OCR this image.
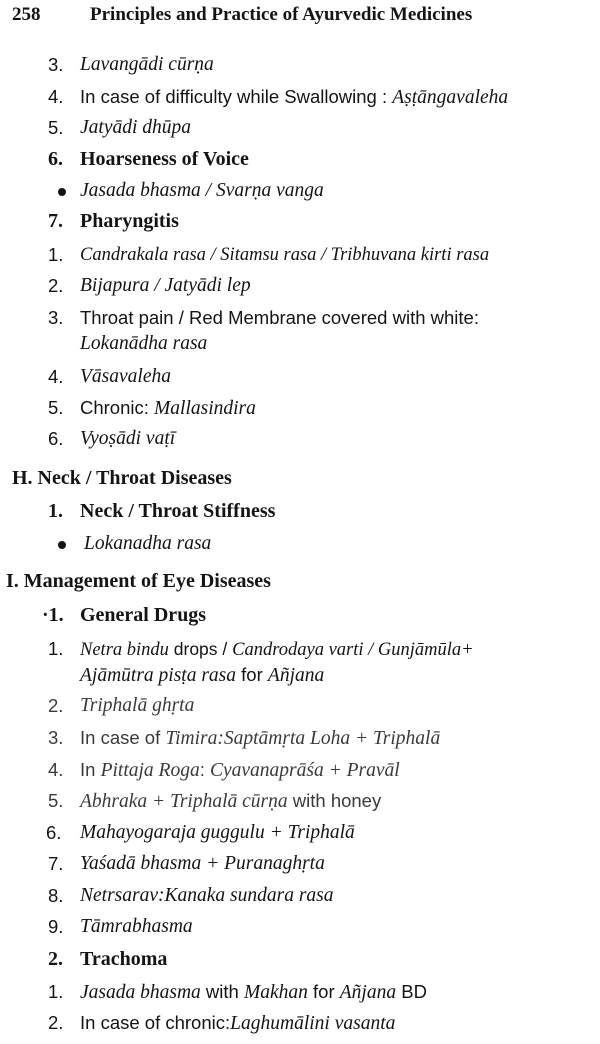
258	Principles and Practice of Ayurvedic Medicines
3. Lavangādi cūrṇa
4. In case of difficulty while Swallowing : Aṣṭāngavaleha
5. Jatyādi dhūpa
6. Hoarseness of Voice
Jasada bhasma / Svarṇa vanga
7. Pharyngitis
1. Candrakala rasa / Sitamsu rasa / Tribhuvana kirti rasa
2. Bijapura / Jatyādi lep
3. Throat pain / Red Membrane covered with white:
Lokanādha rasa
4. Vāsavaleha
5. Chronic: Mallasindira
6. Vyoṣādi vaṭī
H. Neck / Throat Diseases
1. Neck / Throat Stiffness
Lokanadha rasa
I. Management of Eye Diseases
·1. General Drugs
1. Netra bindu drops / Candrodaya varti / Gunjāmūla+
Ajāmūtra pisṭa rasa for Añjana
2. Triphalā ghṛta
3. In case of Timira:Saptāmṛta Loha + Triphalā
4. In Pittaja Roga: Cyavanaprāśa + Pravāl
5. Abhraka + Triphalā cūrṇa with honey
6. Mahayogaraja guggulu + Triphalā
7. Yaśadā bhasma + Puranaghṛta
8. Netrsarav:Kanaka sundara rasa
9. Tāmrabhasma
2. Trachoma
1. Jasada bhasma with Makhan for Añjana BD
2. In case of chronic:Laghumālini vasanta
